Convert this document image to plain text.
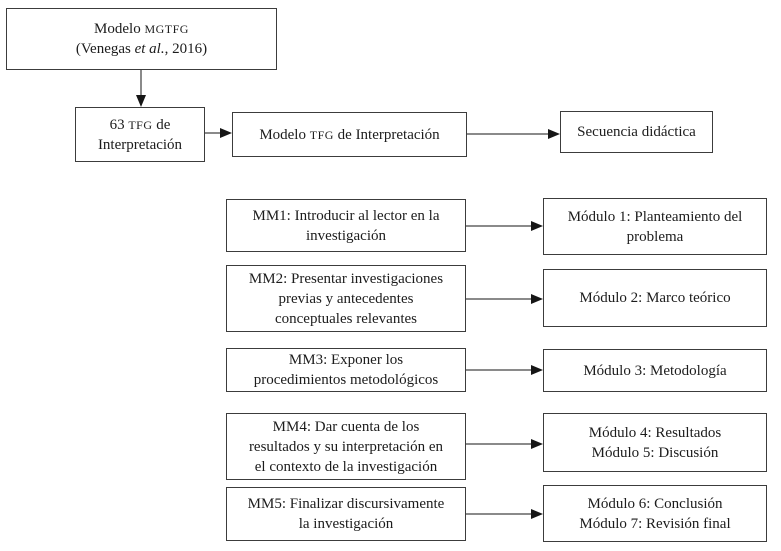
Modelo MGTFG
(Venegas et al., 2016)
63 TFG de Interpretación
Modelo TFG de Interpretación	Secuencia didáctica
MM1: Introducir al lector en la
investigación
Módulo 1: Planteamiento del
problema
MM2: Presentar investigaciones
previas y antecedentes
conceptuales relevantes
Módulo 2: Marco teórico
MM3: Exponer los
procedimientos metodológicos
Módulo 3: Metodología
MM4: Dar cuenta de los
resultados y su interpretación en
el contexto de la investigación
Módulo 4: Resultados
Módulo 5: Discusión
MM5: Finalizar discursivamente
la investigación
Módulo 6: Conclusión
Módulo 7: Revisión final
